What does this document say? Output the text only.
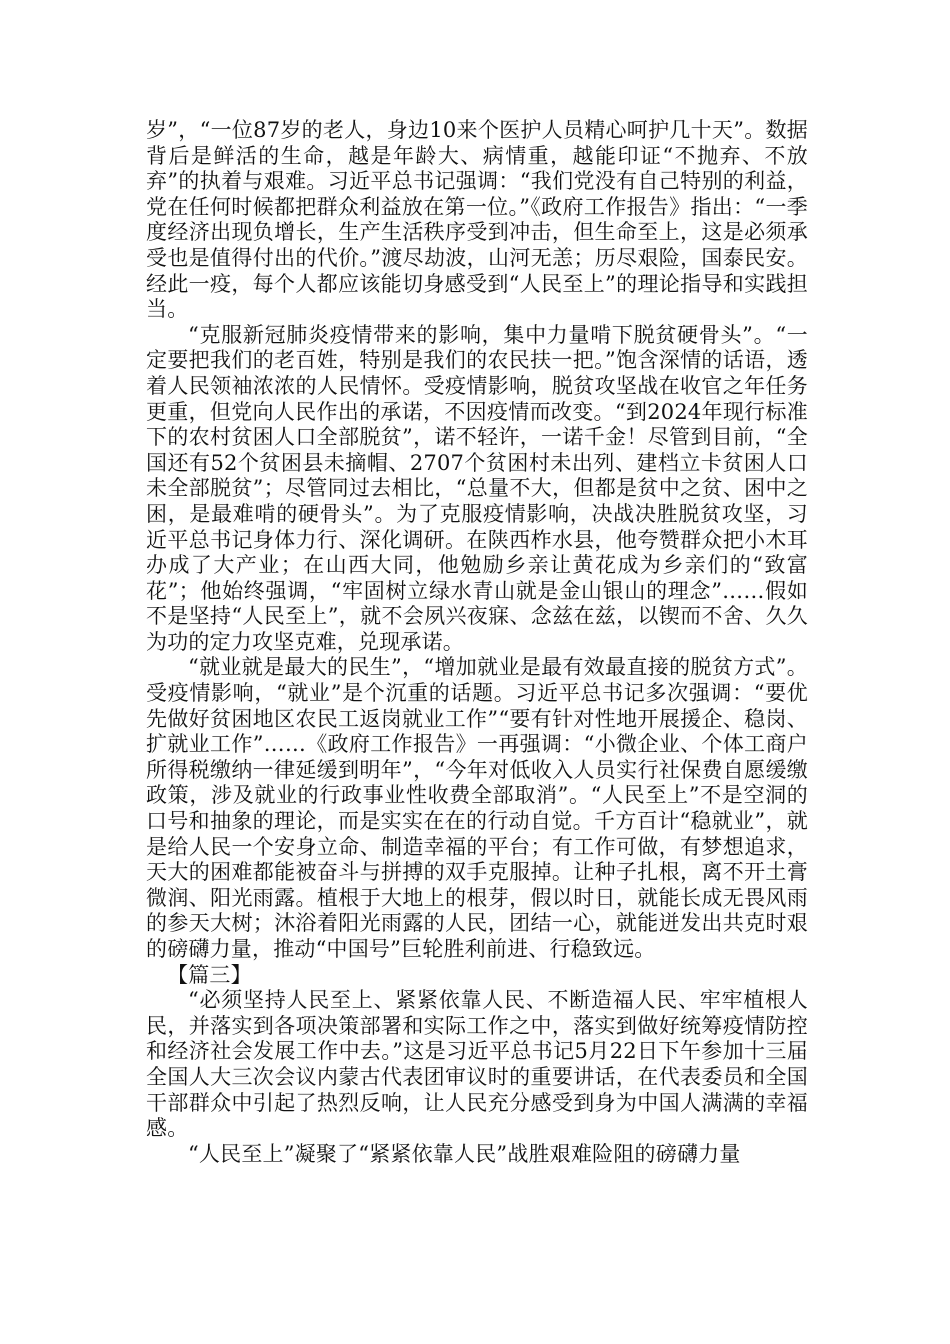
岁”，“一位87岁的老人，身边10来个医护人员精心呵护几十天”。数据背后是鲜活的生命，越是年龄大、病情重，越能印证“不抛弃、不放弃”的执着与艰难。习近平总书记强调：“我们党没有自己特别的利益，党在任何时候都把群众利益放在第一位。”《政府工作报告》指出：“一季度经济出现负增长，生产生活秩序受到冲击，但生命至上，这是必须承受也是值得付出的代价。”渡尽劫波，山河无恙；历尽艰险，国泰民安。经此一疫，每个人都应该能切身感受到“人民至上”的理论指导和实践担当。

“克服新冠肺炎疫情带来的影响，集中力量啃下脱贫硬骨头”。“一定要把我们的老百姓，特别是我们的农民扶一把。”饱含深情的话语，透着人民领袖浓浓的人民情怀。受疫情影响，脱贫攻坚战在收官之年任务更重，但党向人民作出的承诺，不因疫情而改变。“到2024年现行标准下的农村贫困人口全部脱贫”，诺不轻许，一诺千金！尽管到目前，“全国还有52个贫困县未摘帽、2707个贫困村未出列、建档立卡贫困人口未全部脱贫”；尽管同过去相比，“总量不大，但都是贫中之贫、困中之困，是最难啃的硬骨头”。为了克服疫情影响，决战决胜脱贫攻坚，习近平总书记身体力行、深化调研。在陕西柞水县，他夸赞群众把小木耳办成了大产业；在山西大同，他勉励乡亲让黄花成为乡亲们的“致富花”；他始终强调，“牢固树立绿水青山就是金山银山的理念”……假如不是坚持“人民至上”，就不会夙兴夜寐、念兹在兹，以锲而不舍、久久为功的定力攻坚克难，兑现承诺。

“就业就是最大的民生”，“增加就业是最有效最直接的脱贫方式”。受疫情影响，“就业”是个沉重的话题。习近平总书记多次强调：“要优先做好贫困地区农民工返岗就业工作”“要有针对性地开展援企、稳岗、扩就业工作”……《政府工作报告》一再强调：“小微企业、个体工商户所得税缴纳一律延缓到明年”，“今年对低收入人员实行社保费自愿缓缴政策，涉及就业的行政事业性收费全部取消”。“人民至上”不是空洞的口号和抽象的理论，而是实实在在的行动自觉。千方百计“稳就业”，就是给人民一个安身立命、制造幸福的平台；有工作可做，有梦想追求，天大的困难都能被奋斗与拼搏的双手克服掉。让种子扎根，离不开土膏微润、阳光雨露。植根于大地上的根芽，假以时日，就能长成无畏风雨的参天大树；沐浴着阳光雨露的人民，团结一心，就能迸发出共克时艰的磅礴力量，推动“中国号”巨轮胜利前进、行稳致远。

【篇三】

“必须坚持人民至上、紧紧依靠人民、不断造福人民、牢牢植根人民，并落实到各项决策部署和实际工作之中，落实到做好统筹疫情防控和经济社会发展工作中去。”这是习近平总书记5月22日下午参加十三届全国人大三次会议内蒙古代表团审议时的重要讲话，在代表委员和全国干部群众中引起了热烈反响，让人民充分感受到身为中国人满满的幸福感。

“人民至上”凝聚了“紧紧依靠人民”战胜艰难险阻的磅礴力量
